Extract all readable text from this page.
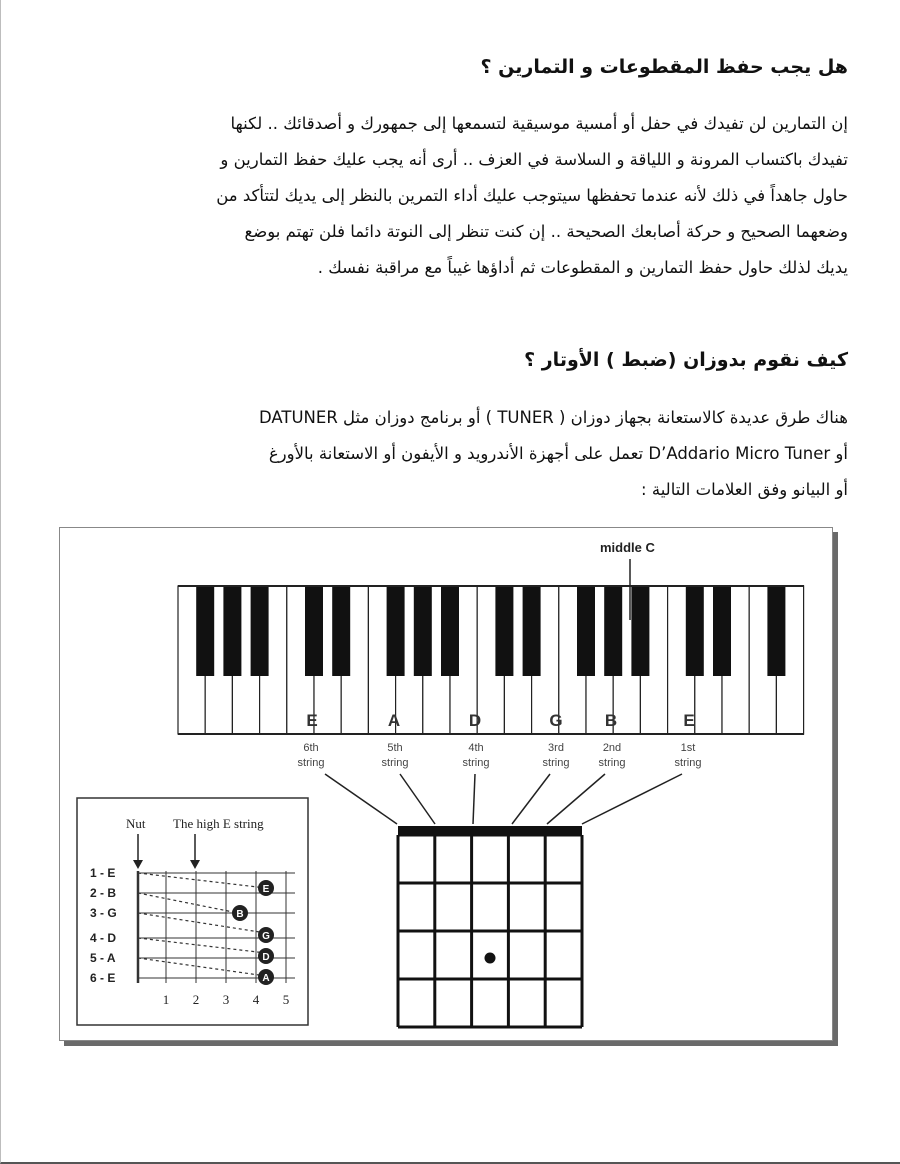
هل يجب حفظ المقطوعات و التمارين ؟

إن التمارين لن تفيدك في حفل أو أمسية موسيقية لتسمعها إلى جمهورك و أصدقائك .. لكنها
تفيدك باكتساب المرونة و اللياقة و السلاسة في العزف .. أرى أنه يجب عليك حفظ التمارين و
حاول جاهداً في ذلك لأنه عندما تحفظها سيتوجب عليك أداء التمرين بالنظر إلى يديك لتتأكد من
وضعهما الصحيح و حركة أصابعك الصحيحة .. إن كنت تنظر إلى النوتة دائما فلن تهتم بوضع
يديك لذلك حاول حفظ التمارين و المقطوعات ثم أداؤها غيباً مع مراقبة نفسك .

كيف نقوم بدوزان (ضبط ) الأوتار ؟

هناك طرق عديدة كالاستعانة بجهاز دوزان ( TUNER ) أو برنامج دوزان مثل DATUNER
أو D’Addario Micro Tuner تعمل على أجهزة الأندرويد و الأيفون أو الاستعانة بالأورغ
أو البيانو وفق العلامات التالية :

middle C
E	A	D	G B	E
6th
string
5th
string
4th
string
3rd
string
2nd
string
1st
string
Nut The high E string
1 - E
2 - B
3 - G
4 - D
5 - A
6 - E
E
B
G
D
A
1 2 3 4 5
